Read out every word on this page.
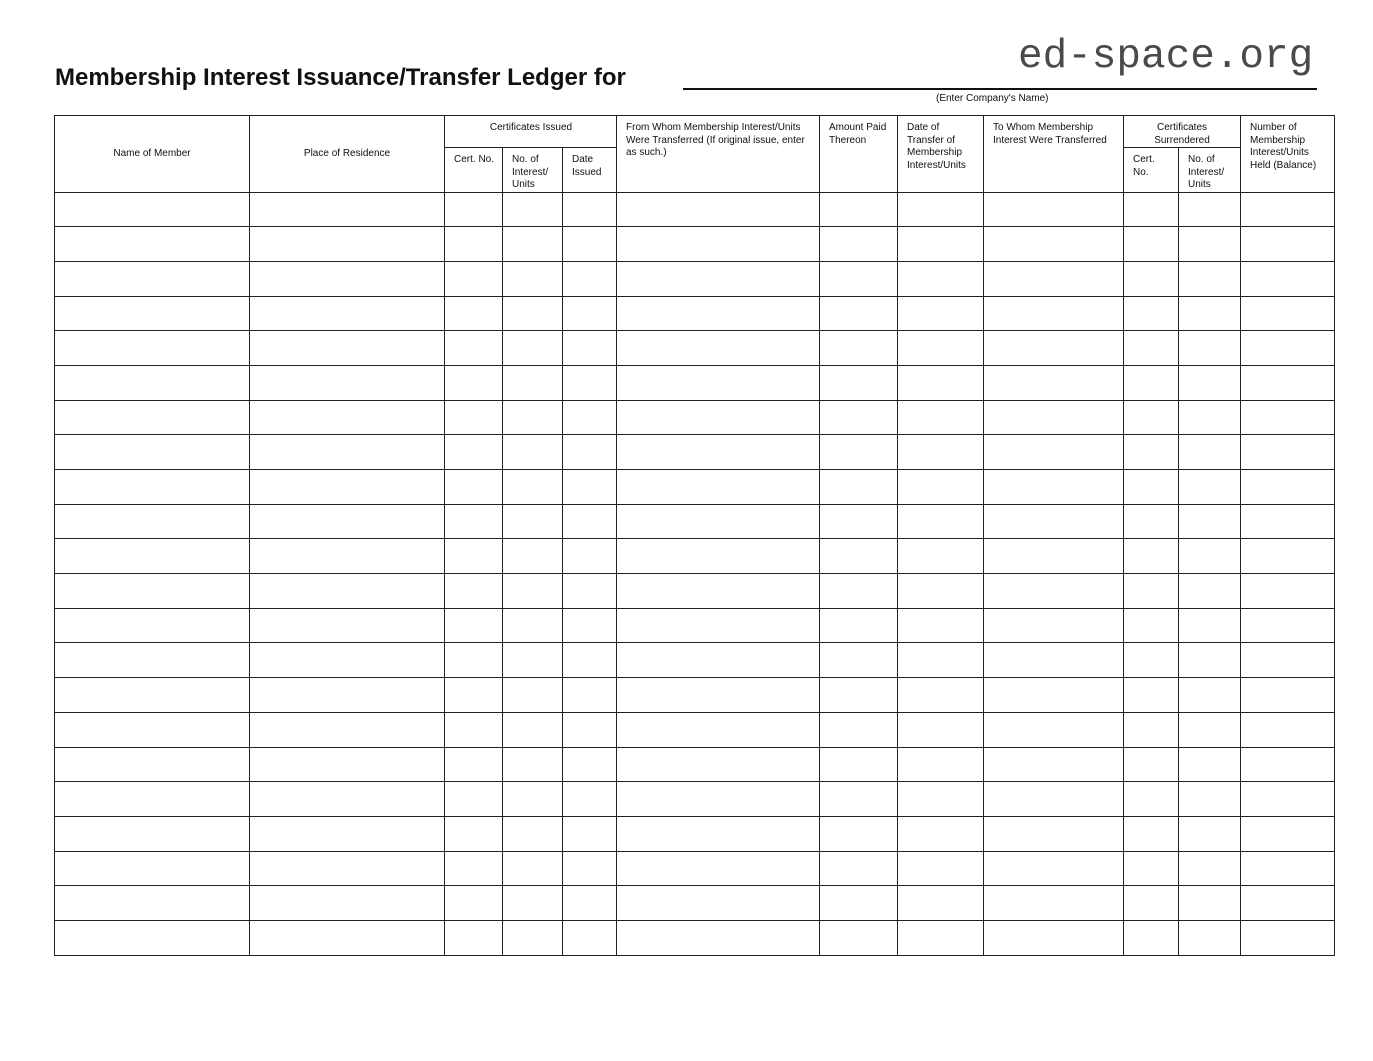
ed-space.org
Membership Interest Issuance/Transfer Ledger for
(Enter Company's Name)
Name of Member	Place of Residence	Certificates Issued			From Whom Membership Interest/Units Were Transferred (If original issue, enter as such.)	Amount Paid Thereon	Date of Transfer of Membership Interest/Units	To Whom Membership Interest Were Transferred	Certificates Surrendered		Number of Membership Interest/Units Held (Balance)
		Cert. No.	No. of Interest/ Units	Date Issued					Cert. No.	No. of Interest/ Units	
